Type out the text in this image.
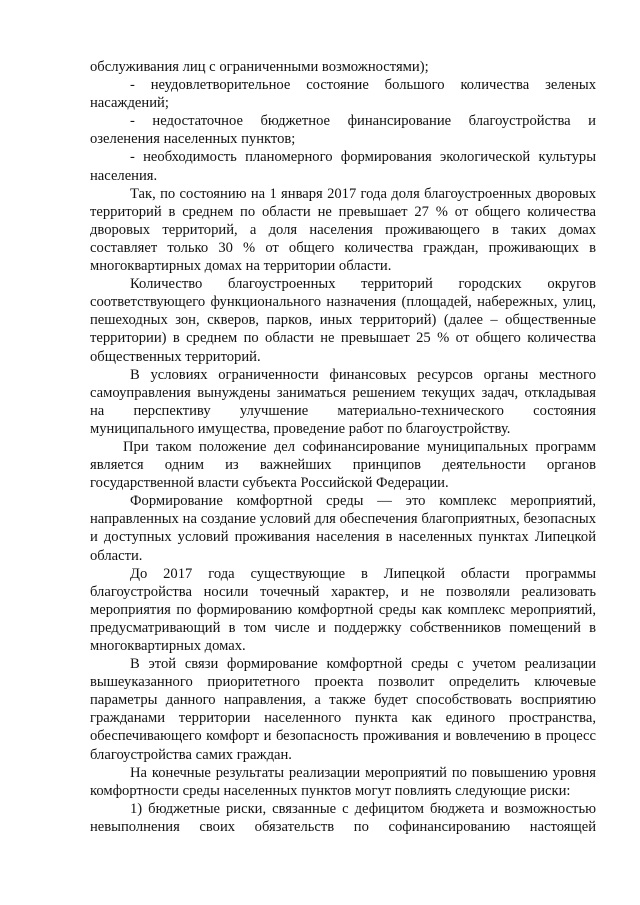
обслуживания лиц с ограниченными возможностями);

- неудовлетворительное состояние большого количества зеленых насаждений;

- недостаточное бюджетное финансирование благоустройства и озеленения населенных пунктов;

- необходимость планомерного формирования экологической культуры населения.

Так, по состоянию на 1 января 2017 года доля благоустроенных дворовых территорий в среднем по области не превышает 27 % от общего количества дворовых территорий, а доля населения проживающего в таких домах составляет только 30 % от общего количества граждан, проживающих в многоквартирных домах на территории области.

Количество благоустроенных территорий городских округов соответствующего функционального назначения (площадей, набережных, улиц, пешеходных зон, скверов, парков, иных территорий) (далее – общественные территории) в среднем по области не превышает 25 % от общего количества общественных территорий.

В условиях ограниченности финансовых ресурсов органы местного самоуправления вынуждены заниматься решением текущих задач, откладывая на перспективу улучшение материально-технического состояния муниципального имущества, проведение работ по благоустройству.

При таком положение дел софинансирование муниципальных программ является одним из важнейших принципов деятельности органов государственной власти субъекта Российской Федерации.

Формирование комфортной среды — это комплекс мероприятий, направленных на создание условий для обеспечения благоприятных, безопасных и доступных условий проживания населения в населенных пунктах Липецкой области.

До 2017 года существующие в Липецкой области программы благоустройства носили точечный характер, и не позволяли реализовать мероприятия по формированию комфортной среды как комплекс мероприятий, предусматривающий в том числе и поддержку собственников помещений в многоквартирных домах.

В этой связи формирование комфортной среды с учетом реализации вышеуказанного приоритетного проекта позволит определить ключевые параметры данного направления, а также будет способствовать восприятию гражданами территории населенного пункта как единого пространства, обеспечивающего комфорт и безопасность проживания и вовлечению в процесс благоустройства самих граждан.

На конечные результаты реализации мероприятий по повышению уровня комфортности среды населенных пунктов могут повлиять следующие риски:

1) бюджетные риски, связанные с дефицитом бюджета и возможностью невыполнения своих обязательств по софинансированию настоящей
